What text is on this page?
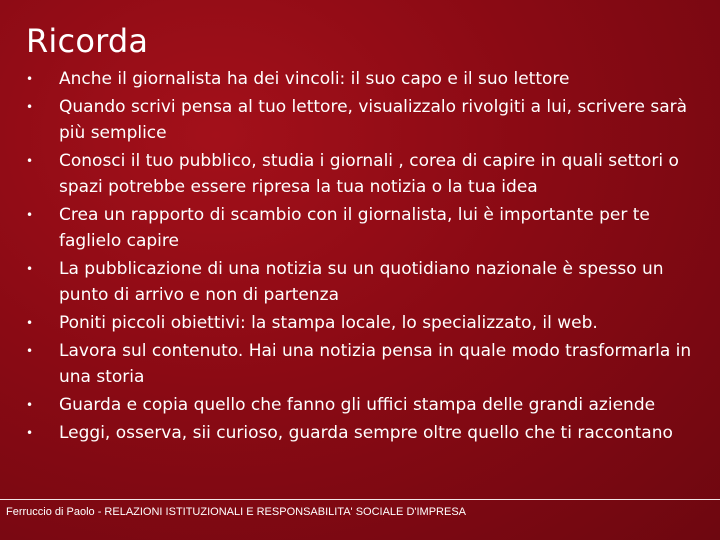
Ricorda
• Anche il giornalista ha dei vincoli: il suo capo e il suo lettore
• Quando scrivi pensa al tuo lettore, visualizzalo rivolgiti a lui, scrivere sarà più semplice
• Conosci il tuo pubblico, studia i giornali , corea di capire in quali settori o spazi potrebbe essere ripresa la tua notizia o la tua idea
• Crea un rapporto di scambio con il giornalista, lui è importante per te faglielo capire
• La pubblicazione di una notizia su un quotidiano nazionale è spesso un punto di arrivo e non di partenza
• Poniti piccoli obiettivi: la stampa locale, lo specializzato, il web.
• Lavora sul contenuto. Hai una notizia pensa in quale modo trasformarla in una storia
• Guarda e copia quello che fanno gli uffici stampa delle grandi aziende
• Leggi, osserva, sii curioso, guarda sempre oltre quello che ti raccontano
Ferruccio di Paolo - RELAZIONI ISTITUZIONALI E RESPONSABILITA' SOCIALE D'IMPRESA
